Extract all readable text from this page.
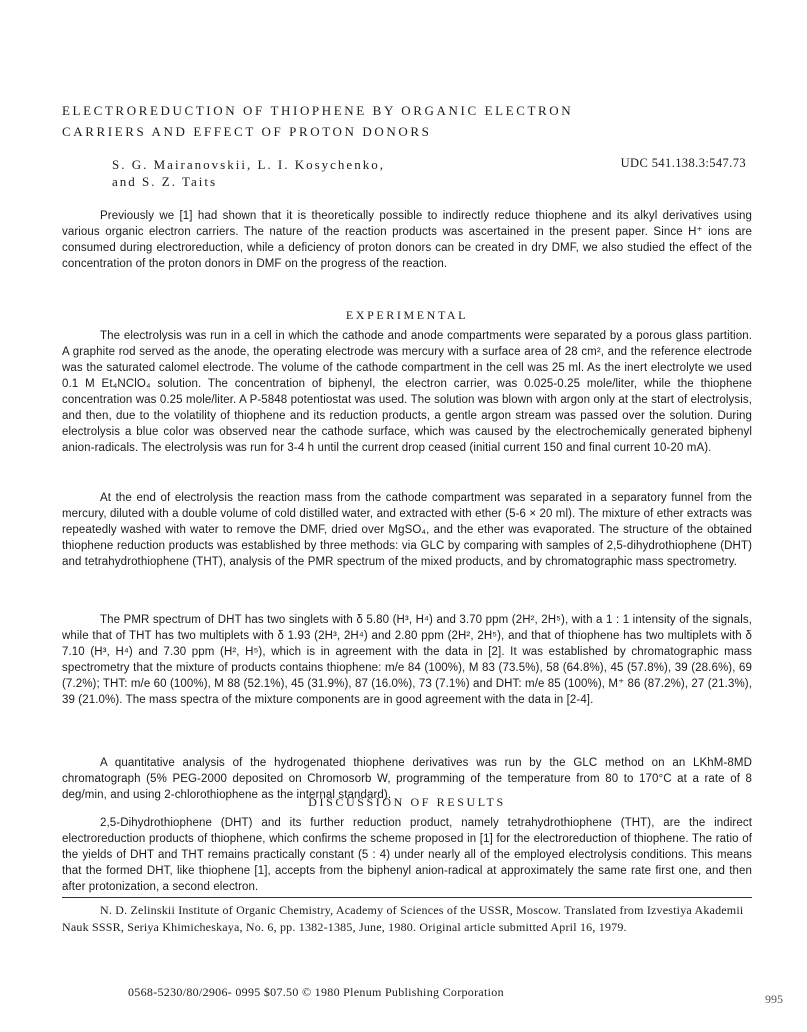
ELECTROREDUCTION OF THIOPHENE BY ORGANIC ELECTRON
CARRIERS AND EFFECT OF PROTON DONORS
S. G. Mairanovskii, L. I. Kosychenko,
and S. Z. Taits
UDC 541.138.3:547.73

Previously we [1] had shown that it is theoretically possible to indirectly reduce thiophene and its alkyl derivatives using various organic electron carriers. The nature of the reaction products was ascertained in the present paper. Since H⁺ ions are consumed during electroreduction, while a deficiency of proton donors can be created in dry DMF, we also studied the effect of the concentration of the proton donors in DMF on the progress of the reaction.

EXPERIMENTAL

The electrolysis was run in a cell in which the cathode and anode compartments were separated by a porous glass partition. A graphite rod served as the anode, the operating electrode was mercury with a surface area of 28 cm², and the reference electrode was the saturated calomel electrode. The volume of the cathode compartment in the cell was 25 ml. As the inert electrolyte we used 0.1 M Et₄NClO₄ solution. The concentration of biphenyl, the electron carrier, was 0.025-0.25 mole/liter, while the thiophene concentration was 0.25 mole/liter. A P-5848 potentiostat was used. The solution was blown with argon only at the start of electrolysis, and then, due to the volatility of thiophene and its reduction products, a gentle argon stream was passed over the solution. During electrolysis a blue color was observed near the cathode surface, which was caused by the electrochemically generated biphenyl anion-radicals. The electrolysis was run for 3-4 h until the current drop ceased (initial current 150 and final current 10-20 mA).

At the end of electrolysis the reaction mass from the cathode compartment was separated in a separatory funnel from the mercury, diluted with a double volume of cold distilled water, and extracted with ether (5-6 × 20 ml). The mixture of ether extracts was repeatedly washed with water to remove the DMF, dried over MgSO₄, and the ether was evaporated. The structure of the obtained thiophene reduction products was established by three methods: via GLC by comparing with samples of 2,5-dihydrothiophene (DHT) and tetrahydrothiophene (THT), analysis of the PMR spectrum of the mixed products, and by chromatographic mass spectrometry.

The PMR spectrum of DHT has two singlets with δ 5.80 (H³, H⁴) and 3.70 ppm (2H², 2H⁵), with a 1 : 1 intensity of the signals, while that of THT has two multiplets with δ 1.93 (2H³, 2H⁴) and 2.80 ppm (2H², 2H⁵), and that of thiophene has two multiplets with δ 7.10 (H³, H⁴) and 7.30 ppm (H², H⁵), which is in agreement with the data in [2]. It was established by chromatographic mass spectrometry that the mixture of products contains thiophene: m/e 84 (100%), M 83 (73.5%), 58 (64.8%), 45 (57.8%), 39 (28.6%), 69 (7.2%); THT: m/e 60 (100%), M 88 (52.1%), 45 (31.9%), 87 (16.0%), 73 (7.1%) and DHT: m/e 85 (100%), M⁺ 86 (87.2%), 27 (21.3%), 39 (21.0%). The mass spectra of the mixture components are in good agreement with the data in [2-4].

A quantitative analysis of the hydrogenated thiophene derivatives was run by the GLC method on an LKhM-8MD chromatograph (5% PEG-2000 deposited on Chromosorb W, programming of the temperature from 80 to 170°C at a rate of 8 deg/min, and using 2-chlorothiophene as the internal standard).

DISCUSSION OF RESULTS

2,5-Dihydrothiophene (DHT) and its further reduction product, namely tetrahydrothiophene (THT), are the indirect electroreduction products of thiophene, which confirms the scheme proposed in [1] for the electroreduction of thiophene. The ratio of the yields of DHT and THT remains practically constant (5 : 4) under nearly all of the employed electrolysis conditions. This means that the formed DHT, like thiophene [1], accepts from the biphenyl anion-radical at approximately the same rate first one, and then after protonization, a second electron.

N. D. Zelinskii Institute of Organic Chemistry, Academy of Sciences of the USSR, Moscow. Translated from Izvestiya Akademii Nauk SSSR, Seriya Khimicheskaya, No. 6, pp. 1382-1385, June, 1980. Original article submitted April 16, 1979.
0568-5230/80/2906- 0995 $07.50 © 1980 Plenum Publishing Corporation	995
